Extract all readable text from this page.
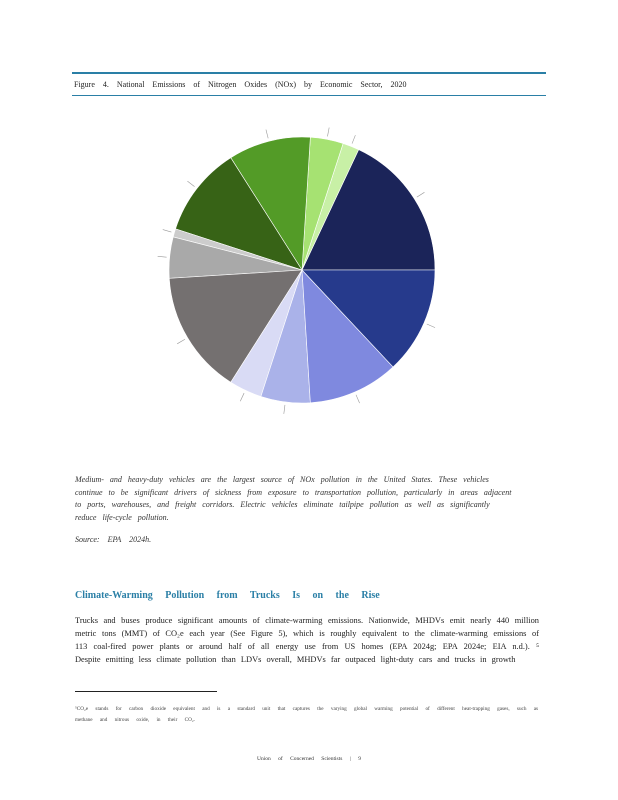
Figure 4. National Emissions of Nitrogen Oxides (NOx) by Economic Sector, 2020
Medium- and heavy-duty vehicles are the largest source of NOx pollution in the United States. These vehicles continue to be significant drivers of sickness from exposure to transportation pollution, particularly in areas adjacent to ports, warehouses, and freight corridors. Electric vehicles eliminate tailpipe pollution as well as significantly reduce life-cycle pollution.
Source: EPA 2024h.
Climate-Warming Pollution from Trucks Is on the Rise
Trucks and buses produce significant amounts of climate-warming emissions. Nationwide, MHDVs emit nearly 440 million metric tons (MMT) of CO₂e each year (See Figure 5), which is roughly equivalent to the climate-warming emissions of 113 coal-fired power plants or around half of all energy use from US homes (EPA 2024g; EPA 2024e; EIA n.d.). ⁵ Despite emitting less climate pollution than LDVs overall, MHDVs far outpaced light-duty cars and trucks in growth
⁵CO₂e stands for carbon dioxide equivalent and is a standard unit that captures the varying global warming potential of different heat-trapping gases, such as methane and nitrous oxide, in their CO₂.
Union of Concerned Scientists | 9
